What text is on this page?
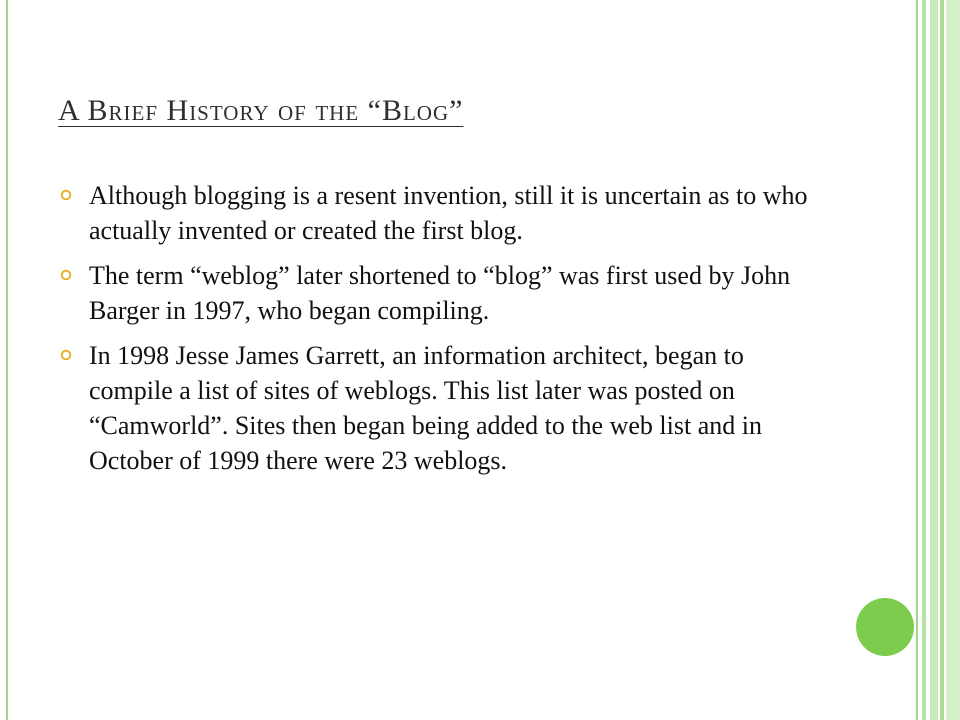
A Brief History of the “Blog”
Although blogging is a resent invention, still it is uncertain as to who actually invented or created the first blog.
The term “weblog” later shortened to “blog” was first used by John Barger in 1997, who began compiling.
In 1998 Jesse James Garrett, an information architect, began to compile a list of sites of weblogs. This list later was posted on “Camworld”. Sites then began being added to the web list and in October of 1999 there were 23 weblogs.
